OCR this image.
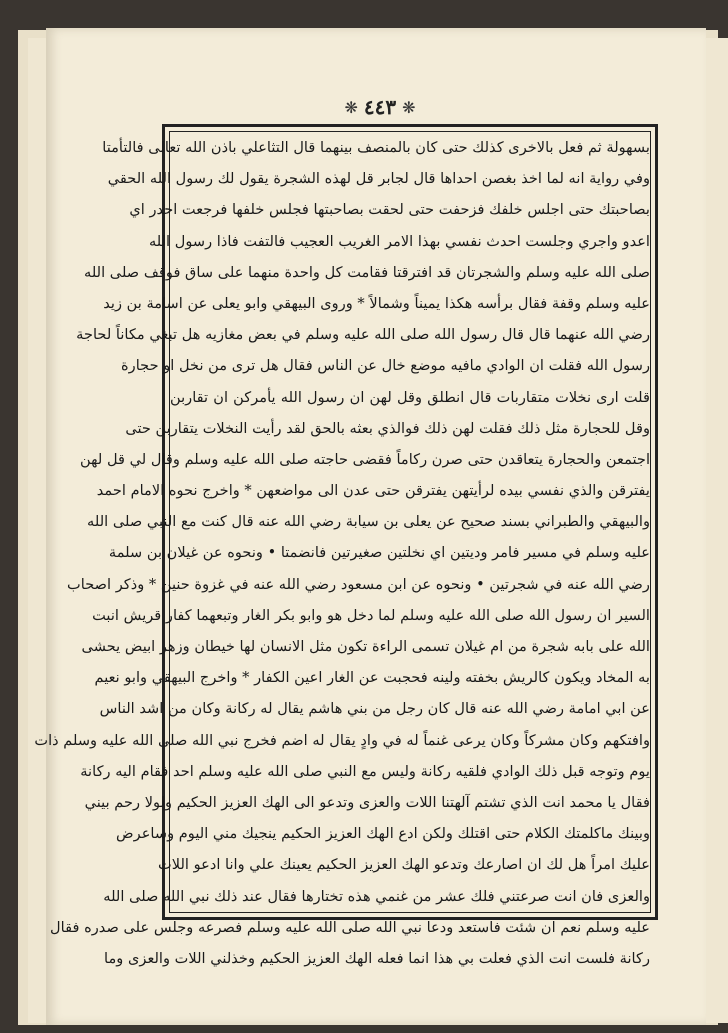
❋ ٤٤٣ ❋
بسهولة ثم فعل بالاخرى كذلك حتى كان بالمنصف بينهما قال التثاعلي باذن الله تعالى فالتأمتا
وفي رواية انه لما اخذ بغصن احداها قال لجابر قل لهذه الشجرة يقول لك رسول الله الحقي
بصاحبتك حتى اجلس خلفك فزحفت حتى لحقت بصاحبتها فجلس خلفها فرجعت احدر اي
اعدو واجري وجلست احدث نفسي بهذا الامر الغريب العجيب فالتفت فاذا رسول الله
صلى الله عليه وسلم والشجرتان قد افترقتا فقامت كل واحدة منهما على ساق فوقف صلى الله
عليه وسلم وقفة فقال برأسه هكذا يميناً وشمالاً * وروى البيهقي وابو يعلى عن اسامة بن زيد
رضي الله عنهما قال قال رسول الله صلى الله عليه وسلم في بعض مغازيه هل تبغي مكاناً لحاجة
رسول الله فقلت ان الوادي مافيه موضع خال عن الناس فقال هل ترى من نخل او حجارة
قلت ارى نخلات متقاربات قال انطلق وقل لهن ان رسول الله يأمركن ان تقاربن
وقل للحجارة مثل ذلك فقلت لهن ذلك فوالذي بعثه بالحق لقد رأيت النخلات يتقاربن حتى
اجتمعن والحجارة يتعاقدن حتى صرن ركاماً فقضى حاجته صلى الله عليه وسلم وقال لي قل لهن
يفترقن والذي نفسي بيده لرأيتهن يفترقن حتى عدن الى مواضعهن * واخرج نحوه الامام احمد
والبيهقي والطبراني بسند صحيح عن يعلى بن سيابة رضي الله عنه قال كنت مع النبي صلى الله
عليه وسلم في مسير فامر وديتين اي نخلتين صغيرتين فانضمتا • ونحوه عن غيلان بن سلمة
رضي الله عنه في شجرتين • ونحوه عن ابن مسعود رضي الله عنه في غزوة حنين * وذكر اصحاب
السير ان رسول الله صلى الله عليه وسلم لما دخل هو وابو بكر الغار وتبعهما كفار قريش انبت
الله على بابه شجرة من ام غيلان تسمى الراءة تكون مثل الانسان لها خيطان وزهر ابيض يحشى
به المخاد ويكون كالريش بخفته ولينه فحجبت عن الغار اعين الكفار * واخرج البيهقي وابو نعيم
عن ابي امامة رضي الله عنه قال كان رجل من بني هاشم يقال له ركانة وكان من اشد الناس
وافتكهم وكان مشركاً وكان يرعى غنماً له في وادٍ يقال له اضم فخرج نبي الله صلى الله عليه وسلم ذات
يوم وتوجه قبل ذلك الوادي فلقيه ركانة وليس مع النبي صلى الله عليه وسلم احد فقام اليه ركانة
فقال يا محمد انت الذي تشتم آلهتنا اللات والعزى وتدعو الى الهك العزيز الحكيم ولولا رحم بيني
وبينك ماكلمتك الكلام حتى اقتلك ولكن ادع الهك العزيز الحكيم ينجيك مني اليوم وساعرض
عليك امراً هل لك ان اصارعك وتدعو الهك العزيز الحكيم يعينك علي وانا ادعو اللات
والعزى فان انت صرعتني فلك عشر من غنمي هذه تختارها فقال عند ذلك نبي الله صلى الله
عليه وسلم نعم ان شئت فاستعد ودعا نبي الله صلى الله عليه وسلم فصرعه وجلس على صدره فقال
ركانة فلست انت الذي فعلت بي هذا انما فعله الهك العزيز الحكيم وخذلني اللات والعزى وما
